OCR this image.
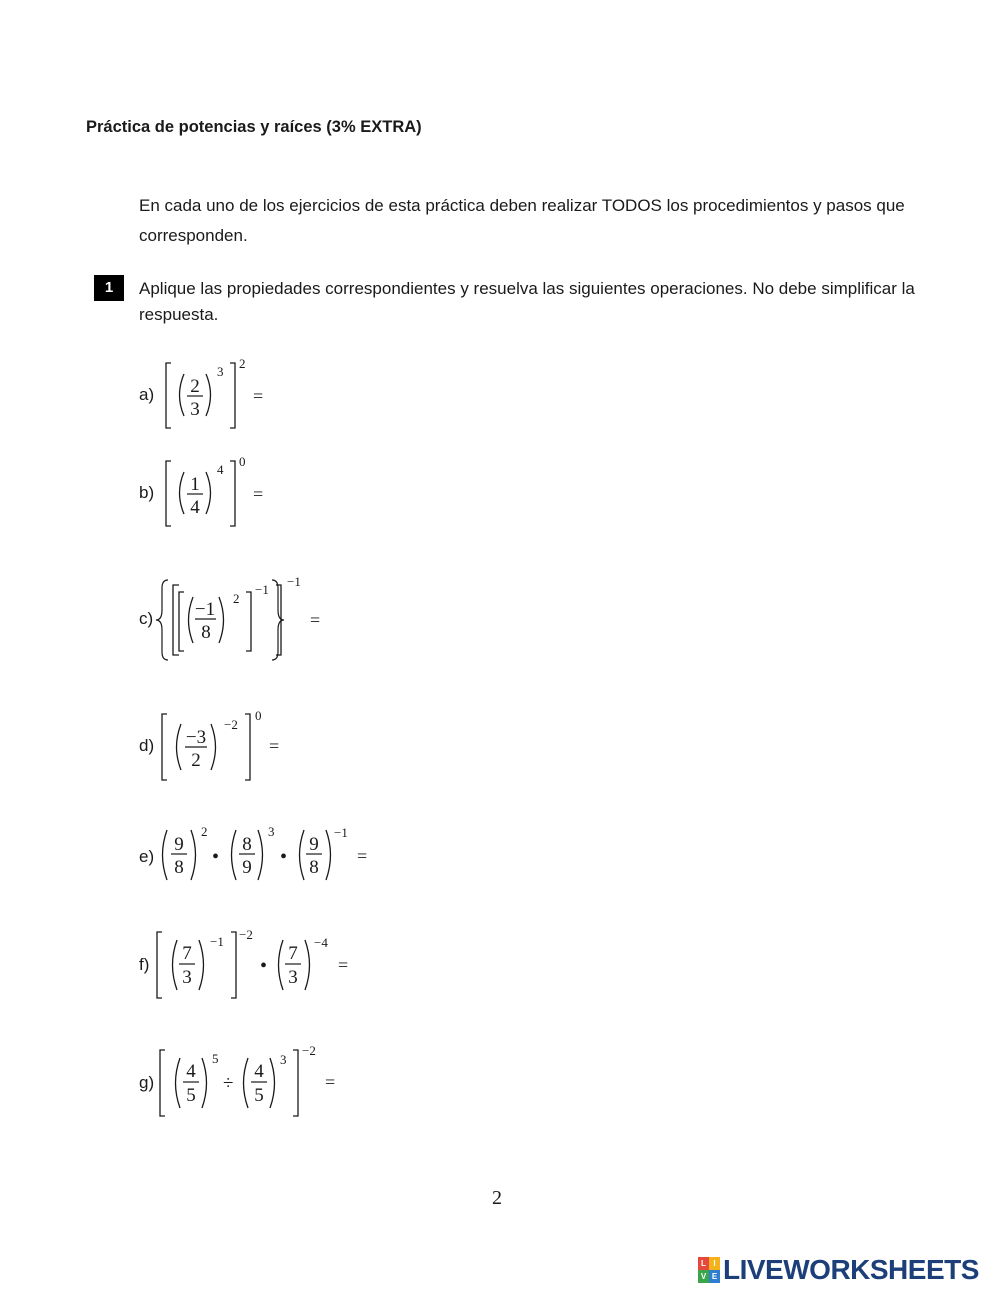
Práctica de potencias y raíces (3% EXTRA)
En cada uno de los ejercicios de esta práctica deben realizar TODOS los procedimientos y pasos que corresponden.
1	Aplique las propiedades correspondientes y resuelva las siguientes operaciones. No debe simplificar la respuesta.
a) 2
3
3
2
=
b) 1
4
4
0
=
c) −1
8
2
−1
−1
=
d) −3
2
−2
0
=
e)
9
8
2
•
8
9
3
•
9
8
−1
=
f)
7
3
−1 −2
•
7
3
−4
=
g)
4
5
5
÷
4
5
3
−2
=
2
L I
V E LIVEWORKSHEETS
